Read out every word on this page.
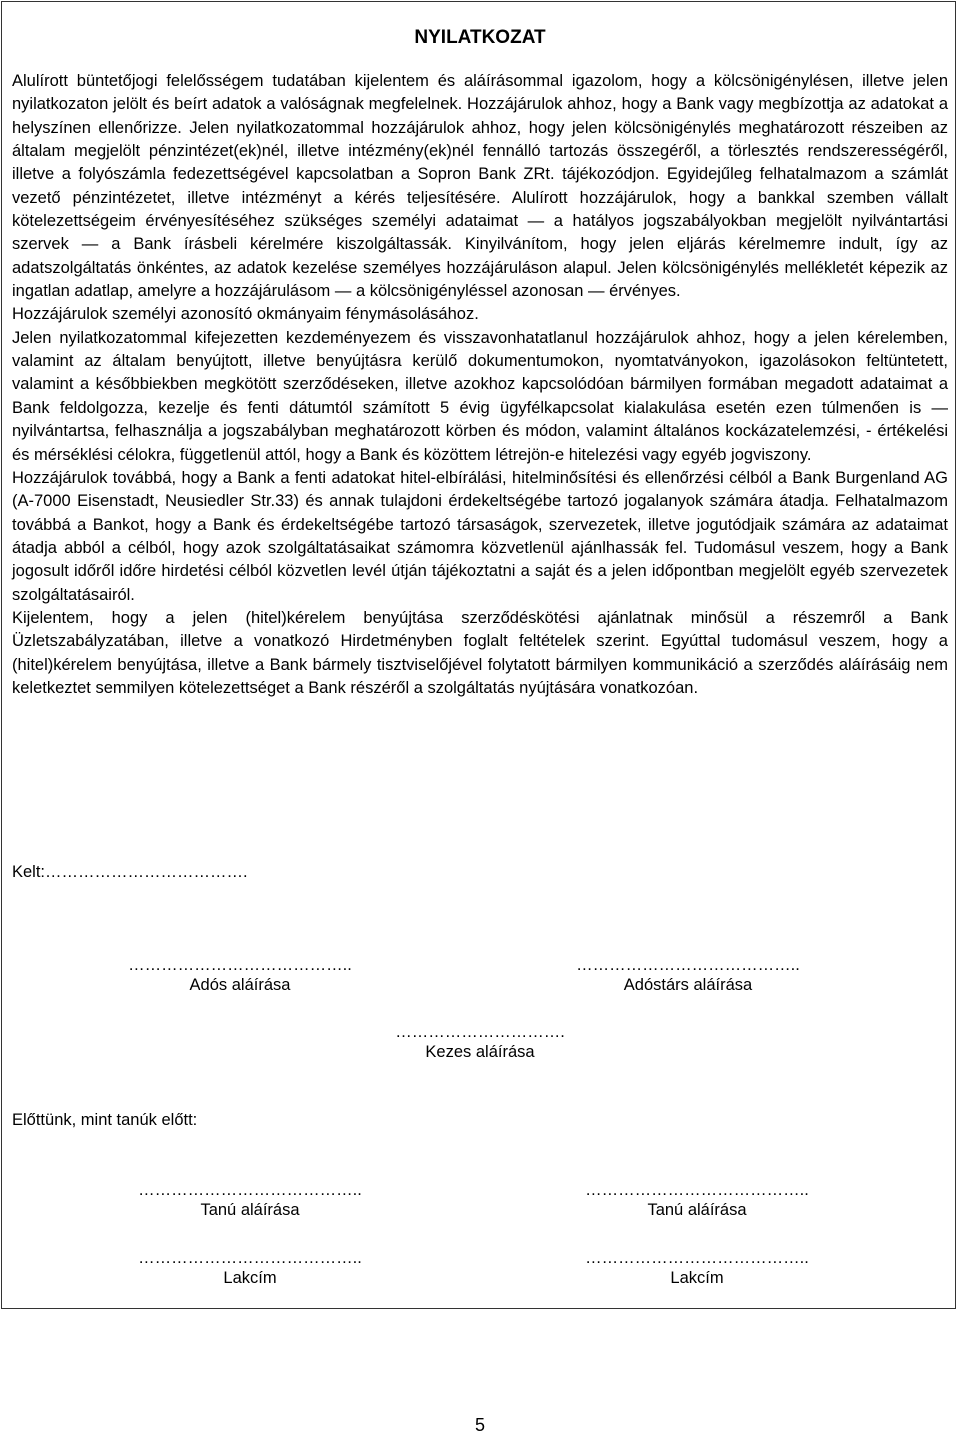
NYILATKOZAT

Alulírott büntetőjogi felelősségem tudatában kijelentem és aláírásommal igazolom, hogy a kölcsönigénylésen, illetve jelen nyilatkozaton jelölt és beírt adatok a valóságnak megfelelnek. Hozzájárulok ahhoz, hogy a Bank vagy megbízottja az adatokat a helyszínen ellenőrizze. Jelen nyilatkozatommal hozzájárulok ahhoz, hogy jelen kölcsönigénylés meghatározott részeiben az általam megjelölt pénzintézet(ek)nél, illetve intézmény(ek)nél fennálló tartozás összegéről, a törlesztés rendszerességéről, illetve a folyószámla fedezettségével kapcsolatban a Sopron Bank ZRt. tájékozódjon. Egyidejűleg felhatalmazom a számlát vezető pénzintézetet, illetve intézményt a kérés teljesítésére. Alulírott hozzájárulok, hogy a bankkal szemben vállalt kötelezettségeim érvényesítéséhez szükséges személyi adataimat — a hatályos jogszabályokban megjelölt nyilvántartási szervek — a Bank írásbeli kérelmére kiszolgáltassák. Kinyilvánítom, hogy jelen eljárás kérelmemre indult, így az adatszolgáltatás önkéntes, az adatok kezelése személyes hozzájáruláson alapul. Jelen kölcsönigénylés mellékletét képezik az ingatlan adatlap, amelyre a hozzájárulásom — a kölcsönigényléssel azonosan — érvényes.

Hozzájárulok személyi azonosító okmányaim fénymásolásához.

Jelen nyilatkozatommal kifejezetten kezdeményezem és visszavonhatatlanul hozzájárulok ahhoz, hogy a jelen kérelemben, valamint az általam benyújtott, illetve benyújtásra kerülő dokumentumokon, nyomtatványokon, igazolásokon feltüntetett, valamint a későbbiekben megkötött szerződéseken, illetve azokhoz kapcsolódóan bármilyen formában megadott adataimat a Bank feldolgozza, kezelje és fenti dátumtól számított 5 évig ügyfélkapcsolat kialakulása esetén ezen túlmenően is — nyilvántartsa, felhasználja a jogszabályban meghatározott körben és módon, valamint általános kockázatelemzési, - értékelési és mérséklési célokra, függetlenül attól, hogy a Bank és közöttem létrejön-e hitelezési vagy egyéb jogviszony.

Hozzájárulok továbbá, hogy a Bank a fenti adatokat hitel-elbírálási, hitelminősítési és ellenőrzési célból a Bank Burgenland AG (A-7000 Eisenstadt, Neusiedler Str.33) és annak tulajdoni érdekeltségébe tartozó jogalanyok számára átadja. Felhatalmazom továbbá a Bankot, hogy a Bank és érdekeltségébe tartozó társaságok, szervezetek, illetve jogutódjaik számára az adataimat átadja abból a célból, hogy azok szolgáltatásaikat számomra közvetlenül ajánlhassák fel. Tudomásul veszem, hogy a Bank jogosult időről időre hirdetési célból közvetlen levél útján tájékoztatni a saját és a jelen időpontban megjelölt egyéb szervezetek szolgáltatásairól.

Kijelentem, hogy a jelen (hitel)kérelem benyújtása szerződéskötési ajánlatnak minősül a részemről a Bank Üzletszabályzatában, illetve a vonatkozó Hirdetményben foglalt feltételek szerint. Egyúttal tudomásul veszem, hogy a (hitel)kérelem benyújtása, illetve a Bank bármely tisztviselőjével folytatott bármilyen kommunikáció a szerződés aláírásáig nem keletkeztet semmilyen kötelezettséget a Bank részéről a szolgáltatás nyújtására vonatkozóan.

Kelt:……………………………….
…………………………………..
Adós aláírása
…………………………………..
Adóstárs aláírása
………………………….
Kezes aláírása
Előttünk, mint tanúk előtt:
…………………………………..
Tanú aláírása
…………………………………..
Tanú aláírása
…………………………………..
Lakcím
…………………………………..
Lakcím
5
